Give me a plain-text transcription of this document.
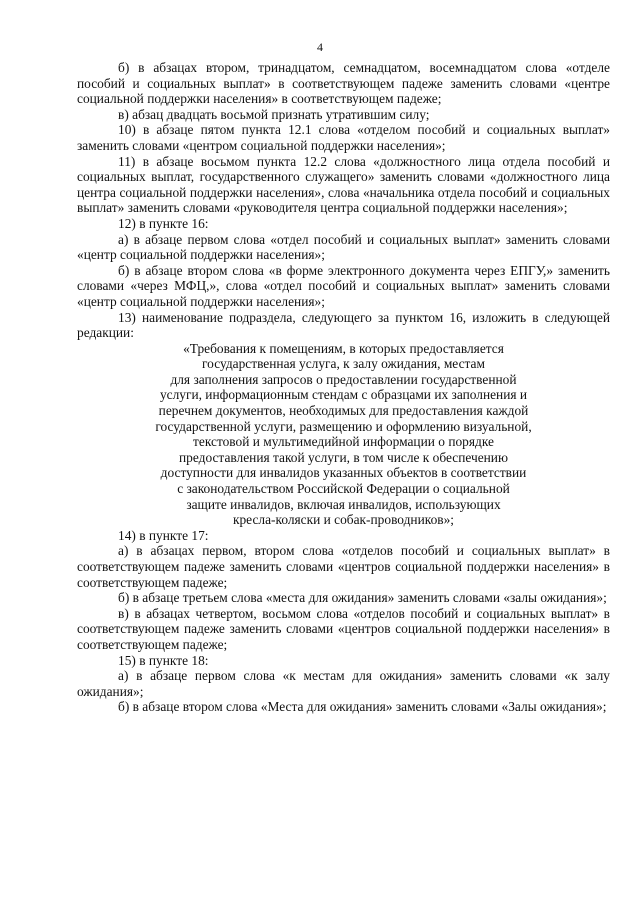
4

б) в абзацах втором, тринадцатом, семнадцатом, восемнадцатом слова «отделе пособий и социальных выплат» в соответствующем падеже заменить словами «центре социальной поддержки населения» в соответствующем падеже;

в) абзац двадцать восьмой признать утратившим силу;

10) в абзаце пятом пункта 12.1 слова «отделом пособий и социальных выплат» заменить словами «центром социальной поддержки населения»;

11) в абзаце восьмом пункта 12.2 слова «должностного лица отдела пособий и социальных выплат, государственного служащего» заменить словами «должностного лица центра социальной поддержки населения», слова «начальника отдела пособий и социальных выплат» заменить словами «руководителя центра социальной поддержки населения»;

12) в пункте 16:

а) в абзаце первом слова «отдел пособий и социальных выплат» заменить словами «центр социальной поддержки населения»;

б) в абзаце втором слова «в форме электронного документа через ЕПГУ,» заменить словами «через МФЦ,», слова «отдел пособий и социальных выплат» заменить словами «центр социальной поддержки населения»;

13) наименование подраздела, следующего за пунктом 16, изложить в следующей редакции:

«Требования к помещениям, в которых предоставляется
государственная услуга, к залу ожидания, местам
для заполнения запросов о предоставлении государственной
услуги, информационным стендам с образцами их заполнения и
перечнем документов, необходимых для предоставления каждой
государственной услуги, размещению и оформлению визуальной,
текстовой и мультимедийной информации о порядке
предоставления такой услуги, в том числе к обеспечению
доступности для инвалидов указанных объектов в соответствии
с законодательством Российской Федерации о социальной
защите инвалидов, включая инвалидов, использующих
кресла-коляски и собак-проводников»;

14) в пункте 17:

а) в абзацах первом, втором слова «отделов пособий и социальных выплат» в соответствующем падеже заменить словами «центров социальной поддержки населения» в соответствующем падеже;

б) в абзаце третьем слова «места для ожидания» заменить словами «залы ожидания»;

в) в абзацах четвертом, восьмом слова «отделов пособий и социальных выплат» в соответствующем падеже заменить словами «центров социальной поддержки населения» в соответствующем падеже;

15) в пункте 18:

а) в абзаце первом слова «к местам для ожидания» заменить словами «к залу ожидания»;

б) в абзаце втором слова «Места для ожидания» заменить словами «Залы ожидания»;
